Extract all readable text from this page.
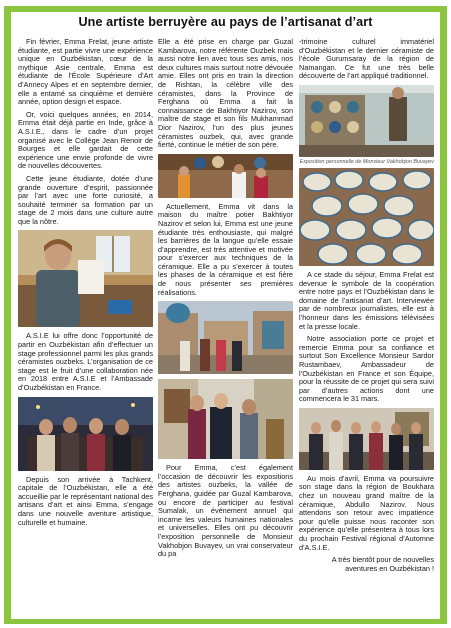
Une artiste berruyère au pays de l’artisanat d’art

Fin février, Emma Frelat, jeune artiste étudiante, est partie vivre une expérience unique en Ouzbékistan, cœur de la mythique Asie centrale. Emma est étudiante de l’École Supérieure d’Art d’Annecy Alpes et en septembre dernier, elle a entamé sa cinquième et dernière année, option design et espace.

Or, voici quelques années, en 2014, Emma était déjà partie en Inde, grâce à A.S.I.E., dans le cadre d’un projet organisé avec le Collège Jean Renoir de Bourges et elle gardait de cette expérience une envie profonde de vivre de nouvelles découvertes.

Cette jeune étudiante, dotée d’une grande ouverture d’esprit, passionnée par l’art avec une forte curiosité, a souhaité terminer sa formation par un stage de 2 mois dans une culture autre que la nôtre.

A.S.I.E lui offre donc l’opportunité de partir en Ouzbékistan afin d’effectuer un stage professionnel parmi les plus grands céramistes ouzbeks. L’organisation de ce stage est le fruit d’une collaboration née en 2018 entre A.S.I.E et l’Ambassade d’Ouzbékistan en France.

Depuis son arrivée à Tachkent, capitale de l’Ouzbékistan, elle a été accueillie par le représentant national des artisans d’art et ainsi Emma, s’engage dans une nouvelle aventure artistique, culturelle et humaine.

Elle a été prise en charge par Guzal Kambarova, notre référente Ouzbek mais aussi notre lien avec tous ses amis, nos deux cultures mais surtout notre dévouée amie. Elles ont pris en train la direction de Rishtan, la célèbre ville des céramistes, dans la Province de Ferghana où Emma a fait la connaissance de Bakhtiyor Nazirov, son maître de stage et son fils Mukhammad Dior Nazirov, l’un des plus jeunes céramistes ouzbek, qui, avec grande fierté, continue le métier de son père.

Actuellement, Emma vit dans la maison du maître potier Bakhtiyor Nazirov et selon lui, Emma est une jeune étudiante très enthousiaste, qui malgré les barrières de la langue qu’elle essaie d’apprendre, est très attentive et motivée pour s’exercer aux techniques de la céramique. Elle a pu s’exercer à toutes les phases de la céramique et est fière de nous présenter ses premières réalisations.

Pour Emma, c’est également l’occasion de découvrir les expositions des artistes ouzbeks, la vallée de Ferghana, guidée par Guzal Kambarova, ou encore de participer au festival Sumalak, un événement annuel qui incarne les valeurs humaines nationales et universelles. Elles ont pu découvrir l’exposition personnelle de Monsieur Vakhobjon Buvayev, un vrai conservateur du pa

-trimoine culturel immatériel d’Ouzbékistan et le dernier céramiste de l’école Gurumsaray de la région de Namangan. Ce fut une très belle découverte de l’art appliqué traditionnel.

Exposition personnelle de Monsieur Vakhobjon Buvayev

A ce stade du séjour, Emma Frelat est devenue le symbole de la coopération entre notre pays et l’Ouzbékistan dans le domaine de l’artisanat d’art. Interviewée par de nombreux journalistes, elle est à l’honneur dans les émissions télévisées et la presse locale.

Notre association porte ce projet et remercie Emma pour sa confiance et surtout Son Excellence Monsieur Sardor Rustambaev, Ambassadeur de l’Ouzbékistan en France et son Équipe, pour la réussite de ce projet qui sera suivi par d’autres actions dont une commencera le 31 mars.

Au mois d’avril, Emma va poursuivre son stage dans la région de Boukhara chez un nouveau grand maître de la céramique, Abdullo Nazirov. Nous attendons son retour avec impatience pour qu’elle puisse nous raconter son expérience qu’elle présentera à tous lors du prochain Festival régional d’Automne d’A.S.I.E.

A très bientôt pour de nouvelles aventures en Ouzbékistan !
